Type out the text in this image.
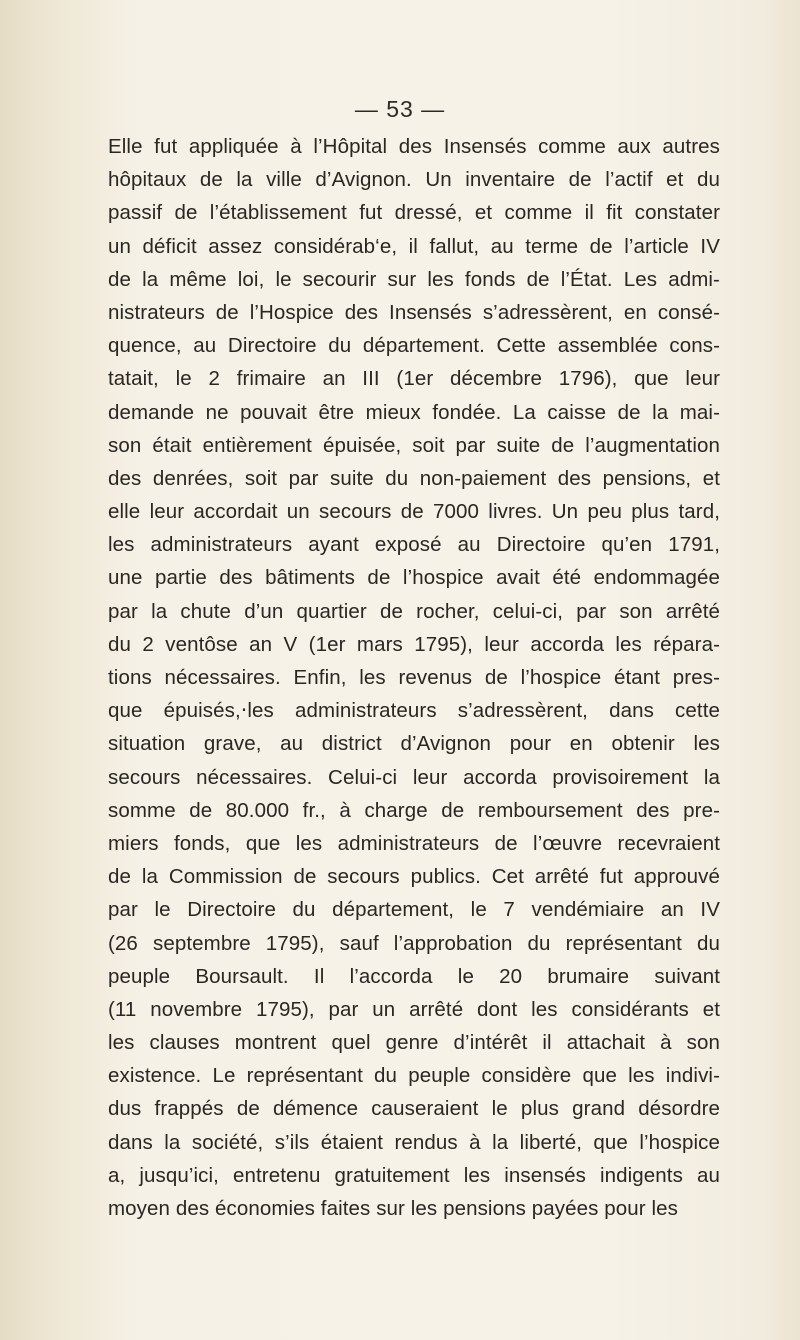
— 53 —
Elle fut appliquée à l’Hôpital des Insensés comme aux autres
hôpitaux de la ville d’Avignon. Un inventaire de l’actif et du
passif de l’établissement fut dressé, et comme il fit constater
un déficit assez considérab‘e, il fallut, au terme de l’article IV
de la même loi, le secourir sur les fonds de l’État. Les admi-
nistrateurs de l’Hospice des Insensés s’adressèrent, en consé-
quence, au Directoire du département. Cette assemblée cons-
tatait, le 2 frimaire an III (1er décembre 1796), que leur
demande ne pouvait être mieux fondée. La caisse de la mai-
son était entièrement épuisée, soit par suite de l’augmentation
des denrées, soit par suite du non-paiement des pensions, et
elle leur accordait un secours de 7000 livres. Un peu plus tard,
les administrateurs ayant exposé au Directoire qu’en 1791,
une partie des bâtiments de l’hospice avait été endommagée
par la chute d’un quartier de rocher, celui-ci, par son arrêté
du 2 ventôse an V (1er mars 1795), leur accorda les répara-
tions nécessaires. Enfin, les revenus de l’hospice étant pres-
que épuisés,‧les administrateurs s’adressèrent, dans cette
situation grave, au district d’Avignon pour en obtenir les
secours nécessaires. Celui-ci leur accorda provisoirement la
somme de 80.000 fr., à charge de remboursement des pre-
miers fonds, que les administrateurs de l’œuvre recevraient
de la Commission de secours publics. Cet arrêté fut approuvé
par le Directoire du département, le 7 vendémiaire an IV
(26 septembre 1795), sauf l’approbation du représentant du
peuple Boursault. Il l’accorda le 20 brumaire suivant
(11 novembre 1795), par un arrêté dont les considérants et
les clauses montrent quel genre d’intérêt il attachait à son
existence. Le représentant du peuple considère que les indivi-
dus frappés de démence causeraient le plus grand désordre
dans la société, s’ils étaient rendus à la liberté, que l’hospice
a, jusqu’ici, entretenu gratuitement les insensés indigents au
moyen des économies faites sur les pensions payées pour les
